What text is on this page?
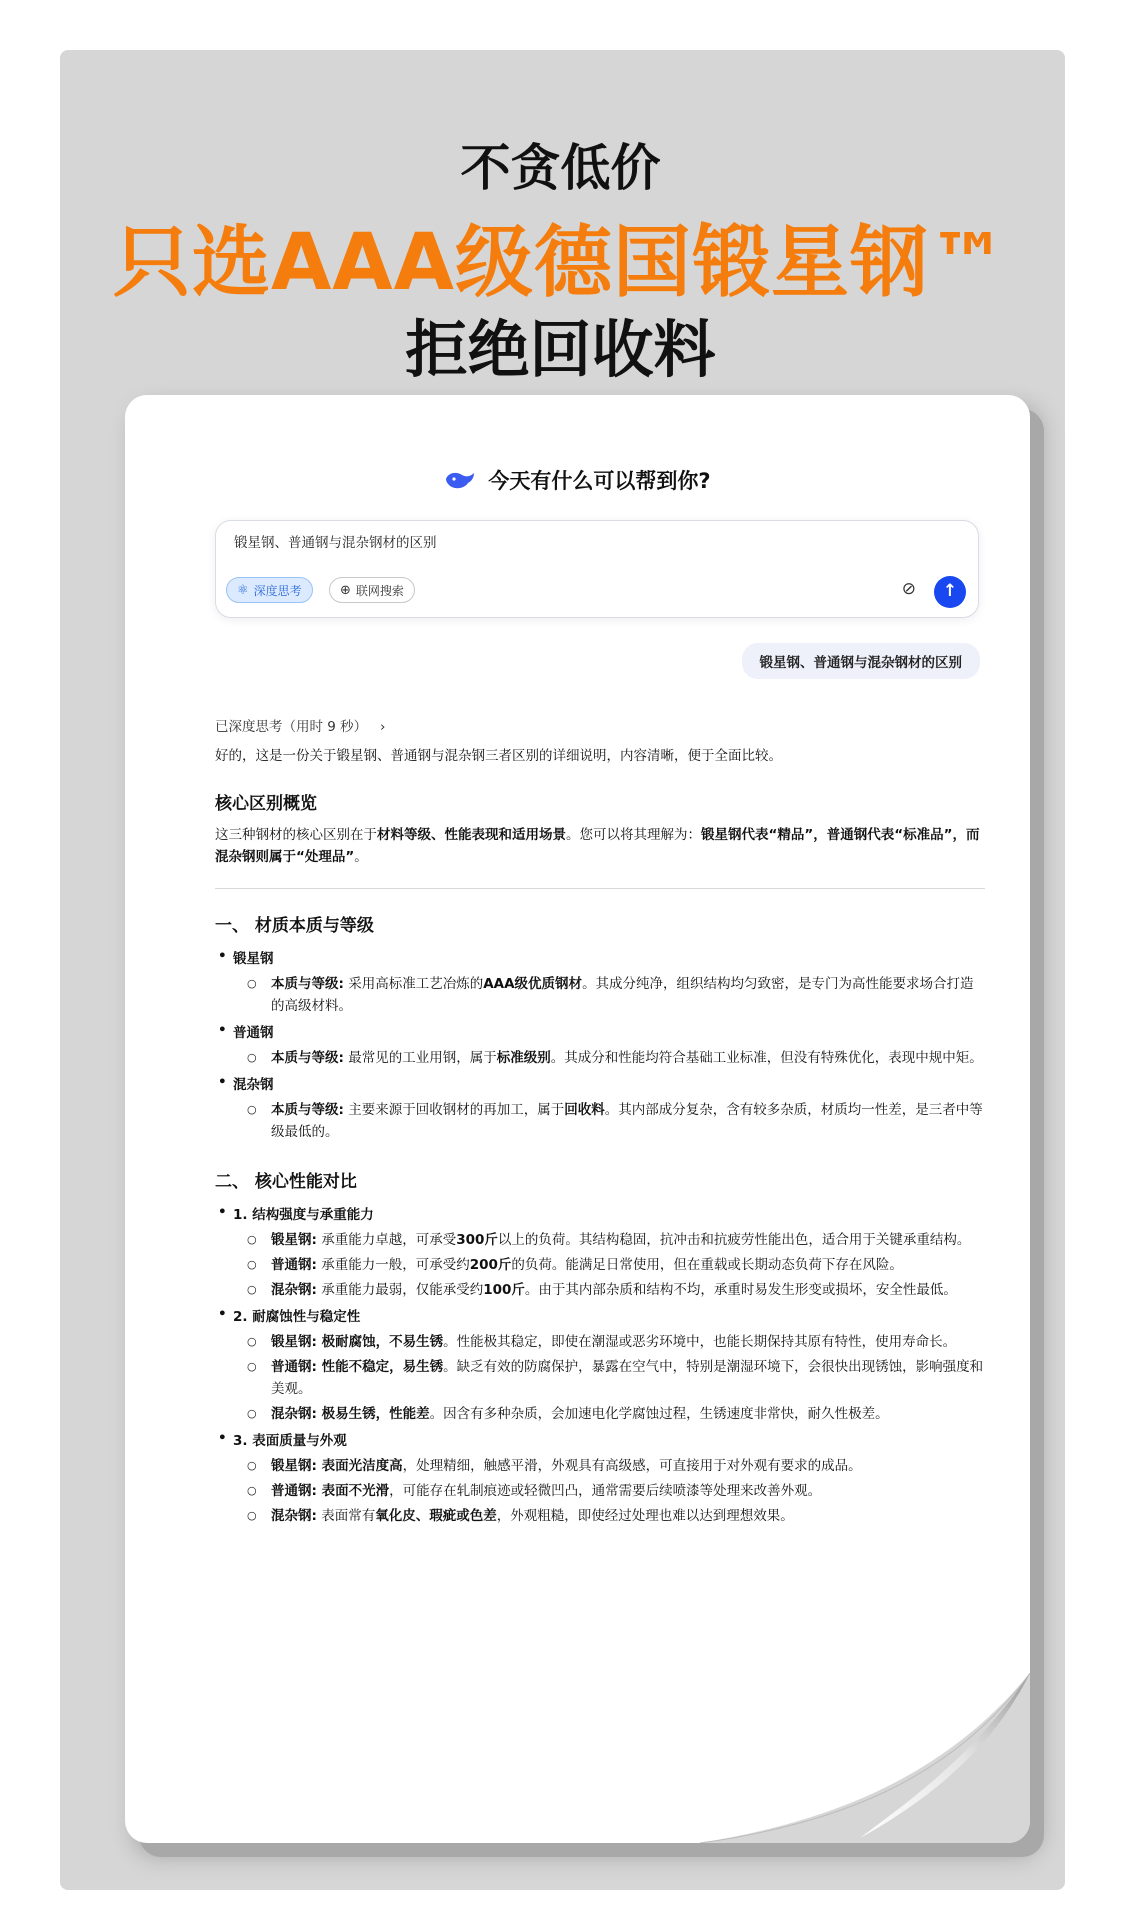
不贪低价
只选AAA级德国锻星钢™
拒绝回收料
今天有什么可以帮到你?
锻星钢、普通钢与混杂钢材的区别
⚛ 深度思考	⊕ 联网搜索	⊘	↑
锻星钢、普通钢与混杂钢材的区别
已深度思考（用时 9 秒） ›
好的，这是一份关于锻星钢、普通钢与混杂钢三者区别的详细说明，内容清晰，便于全面比较。
核心区别概览
这三种钢材的核心区别在于材料等级、性能表现和适用场景。您可以将其理解为：锻星钢代表“精品”，普通钢代表“标准品”，而混杂钢则属于“处理品”。
一、 材质本质与等级
• 锻星钢
○ 本质与等级: 采用高标准工艺冶炼的AAA级优质钢材。其成分纯净，组织结构均匀致密，是专门为高性能要求场合打造的高级材料。
• 普通钢
○ 本质与等级: 最常见的工业用钢，属于标准级别。其成分和性能均符合基础工业标准，但没有特殊优化，表现中规中矩。
• 混杂钢
○ 本质与等级: 主要来源于回收钢材的再加工，属于回收料。其内部成分复杂，含有较多杂质，材质均一性差，是三者中等级最低的。
二、 核心性能对比
• 1. 结构强度与承重能力
○ 锻星钢: 承重能力卓越，可承受300斤以上的负荷。其结构稳固，抗冲击和抗疲劳性能出色，适合用于关键承重结构。
○ 普通钢: 承重能力一般，可承受约200斤的负荷。能满足日常使用，但在重载或长期动态负荷下存在风险。
○ 混杂钢: 承重能力最弱，仅能承受约100斤。由于其内部杂质和结构不均，承重时易发生形变或损坏，安全性最低。
• 2. 耐腐蚀性与稳定性
○ 锻星钢: 极耐腐蚀，不易生锈。性能极其稳定，即使在潮湿或恶劣环境中，也能长期保持其原有特性，使用寿命长。
○ 普通钢: 性能不稳定，易生锈。缺乏有效的防腐保护，暴露在空气中，特别是潮湿环境下，会很快出现锈蚀，影响强度和美观。
○ 混杂钢: 极易生锈，性能差。因含有多种杂质，会加速电化学腐蚀过程，生锈速度非常快，耐久性极差。
• 3. 表面质量与外观
○ 锻星钢: 表面光洁度高，处理精细，触感平滑，外观具有高级感，可直接用于对外观有要求的成品。
○ 普通钢: 表面不光滑，可能存在轧制痕迹或轻微凹凸，通常需要后续喷漆等处理来改善外观。
○ 混杂钢: 表面常有氧化皮、瑕疵或色差，外观粗糙，即使经过处理也难以达到理想效果。
